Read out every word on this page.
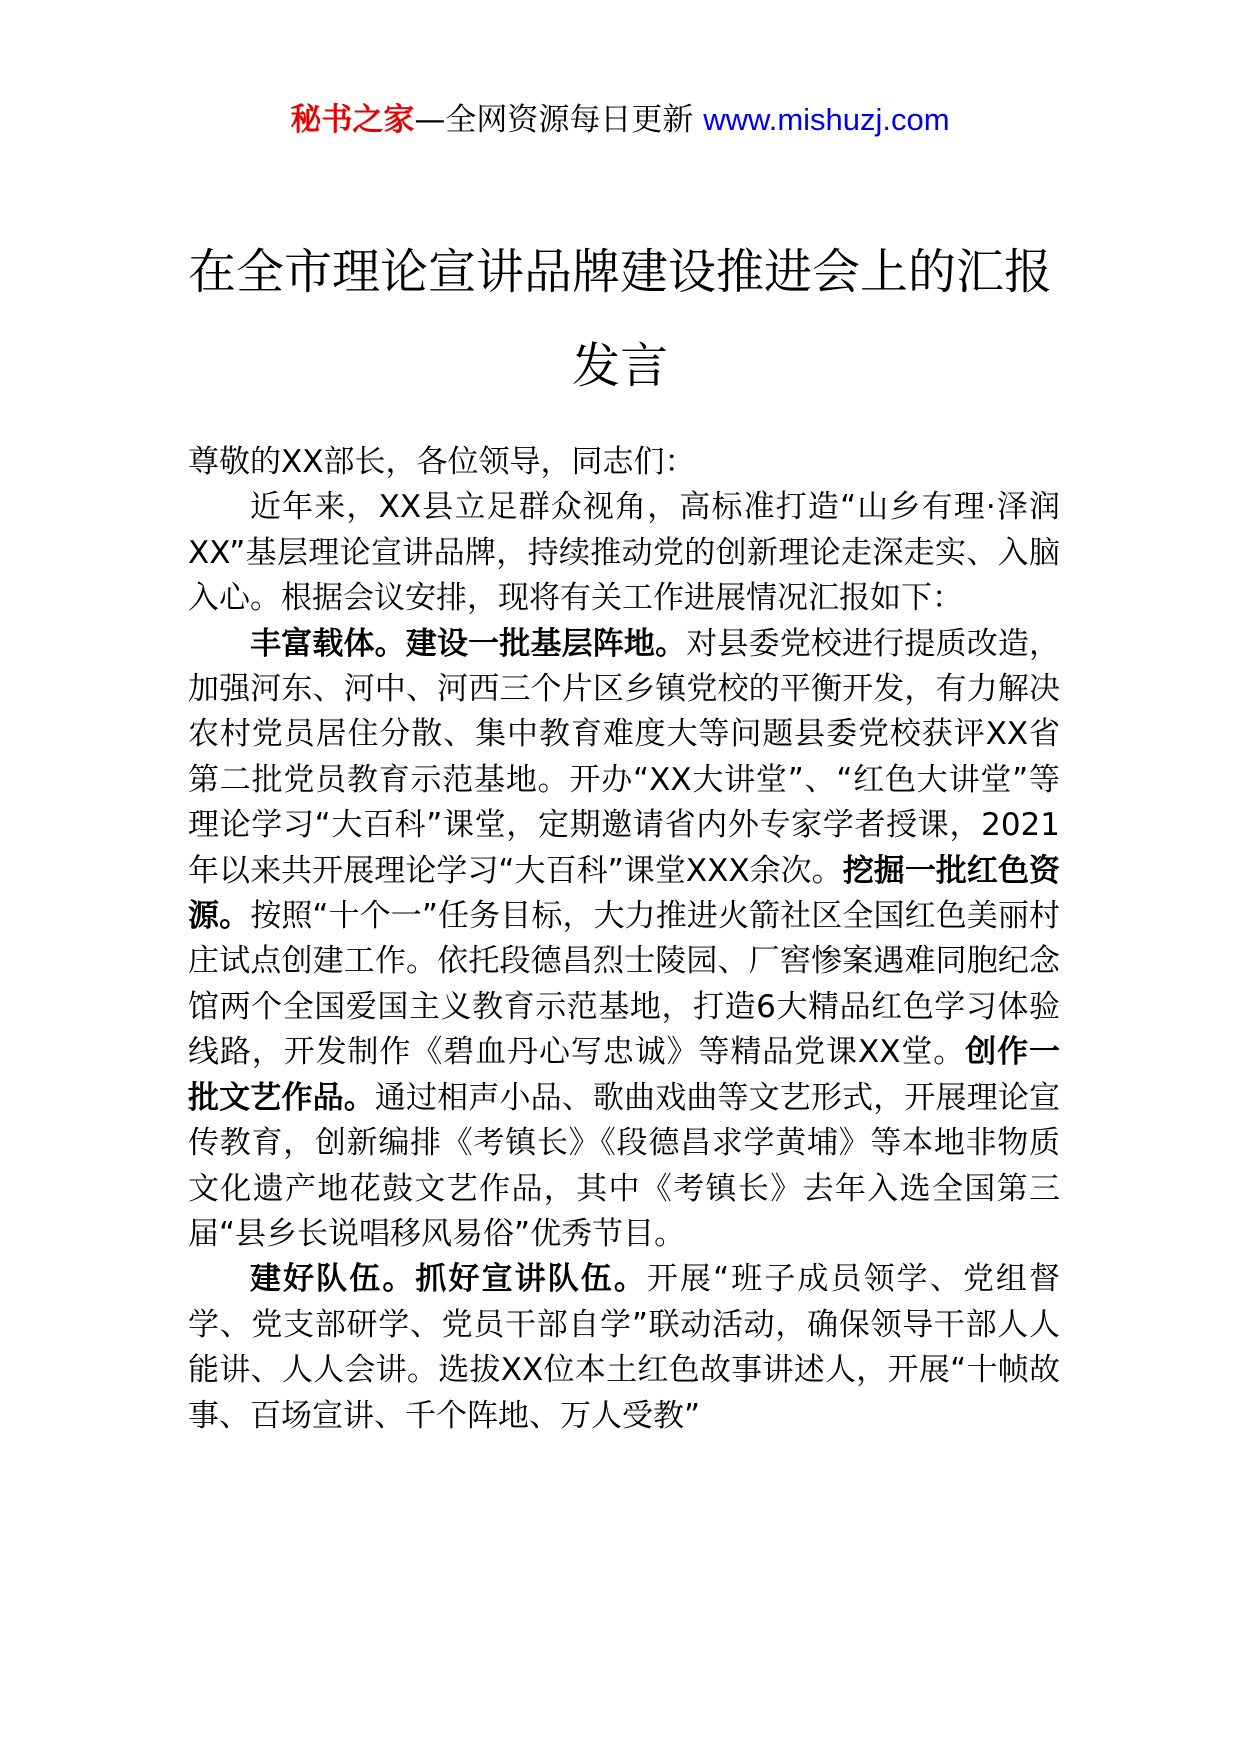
秘书之家—全网资源每日更新 www.mishuzj.com
在全市理论宣讲品牌建设推进会上的汇报
发言

尊敬的XX部长，各位领导，同志们：

近年来，XX县立足群众视角，高标准打造“山乡有理·泽润XX”基层理论宣讲品牌，持续推动党的创新理论走深走实、入脑入心。根据会议安排，现将有关工作进展情况汇报如下：

丰富载体。建设一批基层阵地。对县委党校进行提质改造，加强河东、河中、河西三个片区乡镇党校的平衡开发，有力解决农村党员居住分散、集中教育难度大等问题县委党校获评XX省第二批党员教育示范基地。开办“XX大讲堂”、“红色大讲堂”等理论学习“大百科”课堂，定期邀请省内外专家学者授课，2021年以来共开展理论学习“大百科”课堂XXX余次。挖掘一批红色资源。按照“十个一”任务目标，大力推进火箭社区全国红色美丽村庄试点创建工作。依托段德昌烈士陵园、厂窖惨案遇难同胞纪念馆两个全国爱国主义教育示范基地，打造6大精品红色学习体验线路，开发制作《碧血丹心写忠诚》等精品党课XX堂。创作一批文艺作品。通过相声小品、歌曲戏曲等文艺形式，开展理论宣传教育，创新编排《考镇长》《段德昌求学黄埔》等本地非物质文化遗产地花鼓文艺作品，其中《考镇长》去年入选全国第三届“县乡长说唱移风易俗”优秀节目。

建好队伍。抓好宣讲队伍。开展“班子成员领学、党组督学、党支部研学、党员干部自学”联动活动，确保领导干部人人能讲、人人会讲。选拔XX位本土红色故事讲述人，开展“十帧故事、百场宣讲、千个阵地、万人受教”
